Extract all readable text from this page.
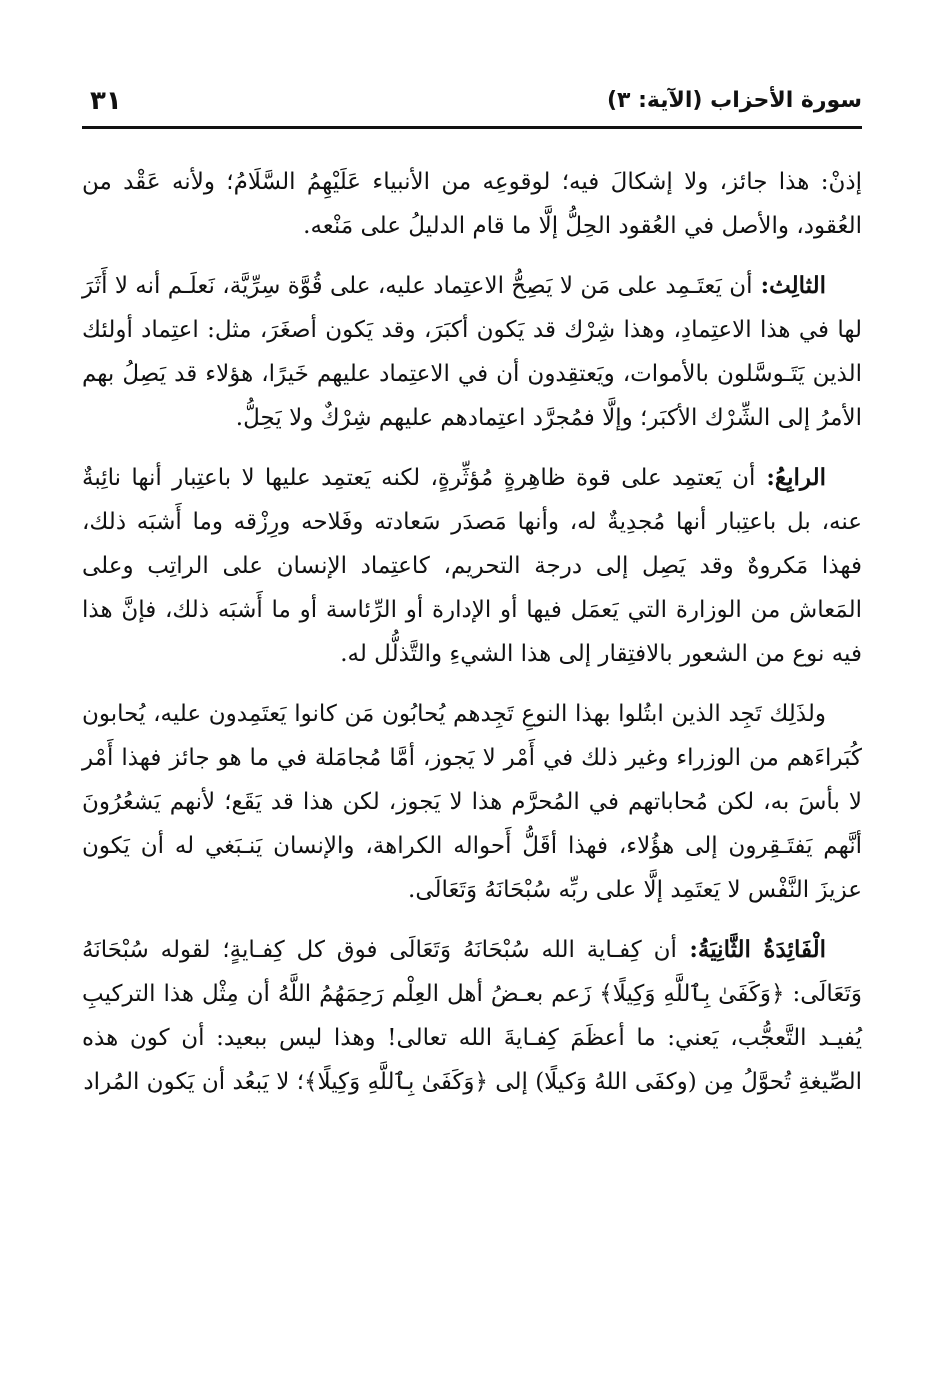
سورة الأحزاب (الآية: ٣)
٣١

إذنْ: هذا جائز، ولا إشكالَ فيه؛ لوقوعِه من الأنبياء عَلَيْهِمُ السَّلَامُ؛ ولأنه عَقْد من العُقود، والأصل في العُقود الحِلُّ إلَّا ما قام الدليلُ على مَنْعه.

الثالِث: أن يَعتَـمِد على مَن لا يَصِحُّ الاعتِماد عليه، على قُوَّة سِرِّيَّة، نَعلَـم أنه لا أَثَرَ لها في هذا الاعتِمادِ، وهذا شِرْك قد يَكون أكبَرَ، وقد يَكون أصغَرَ، مثل: اعتِماد أولئك الذين يَتَـوسَّلون بالأموات، ويَعتقِدون أن في الاعتِماد عليهم خَيرًا، هؤلاء قد يَصِلُ بهم الأمرُ إلى الشِّرْك الأكبَر؛ وإلَّا فمُجرَّد اعتِمادهم عليهم شِرْكٌ ولا يَحِلُّ.

الرابِعُ: أن يَعتمِد على قوة ظاهِرةٍ مُؤثِّرةٍ، لكنه يَعتمِد عليها لا باعتِبار أنها نائِبةٌ عنه، بل باعتِبار أنها مُجدِيةٌ له، وأنها مَصدَر سَعادته وفَلاحه ورِزْقه وما أَشبَه ذلك، فهذا مَكروهٌ وقد يَصِل إلى درجة التحريم، كاعتِماد الإنسان على الراتِب وعلى المَعاش من الوزارة التي يَعمَل فيها أو الإدارة أو الرِّئاسة أو ما أَشبَه ذلك، فإنَّ هذا فيه نوع من الشعور بالافتِقار إلى هذا الشيءِ والتَّذلُّل له.

ولذَلِك تَجِد الذين ابتُلوا بهذا النوعِ تَجِدهم يُحابُون مَن كانوا يَعتَمِدون عليه، يُحابون كُبَراءَهم من الوزراء وغير ذلك في أَمْر لا يَجوز، أمَّا مُجامَلة في ما هو جائز فهذا أَمْر لا بأسَ به، لكن مُحاباتهم في المُحرَّم هذا لا يَجوز، لكن هذا قد يَقَع؛ لأنهم يَشعُرُونَ أنَّهم يَفتَـقِرون إلى هؤُلاء، فهذا أقَلُّ أَحواله الكراهة، والإنسان يَنـبَغي له أن يَكون عزيزَ النَّفْس لا يَعتَمِد إلَّا على ربِّه سُبْحَانَهُ وَتَعَالَى.

الْفَائِدَةُ الثَّانِيَةُ: أن كِفـاية الله سُبْحَانَهُ وَتَعَالَى فوق كل كِفـايةٍ؛ لقوله سُبْحَانَهُ وَتَعَالَى: ﴿وَكَفَىٰ بِٱللَّهِ وَكِيلًا﴾ زَعم بعـضُ أهل العِلْم رَحِمَهُمُ اللَّهُ أن مِثْل هذا التركيبِ يُفيـد التَّعجُّب، يَعني: ما أعظَمَ كِفـايةَ الله تعالى! وهذا ليس ببعيد: أن كون هذه الصِّيغةِ تُحوَّلُ مِن (وكفَى اللهُ وَكيلًا) إلى ﴿وَكَفَىٰ بِٱللَّهِ وَكِيلًا﴾؛ لا يَبعُد أن يَكون المُراد
